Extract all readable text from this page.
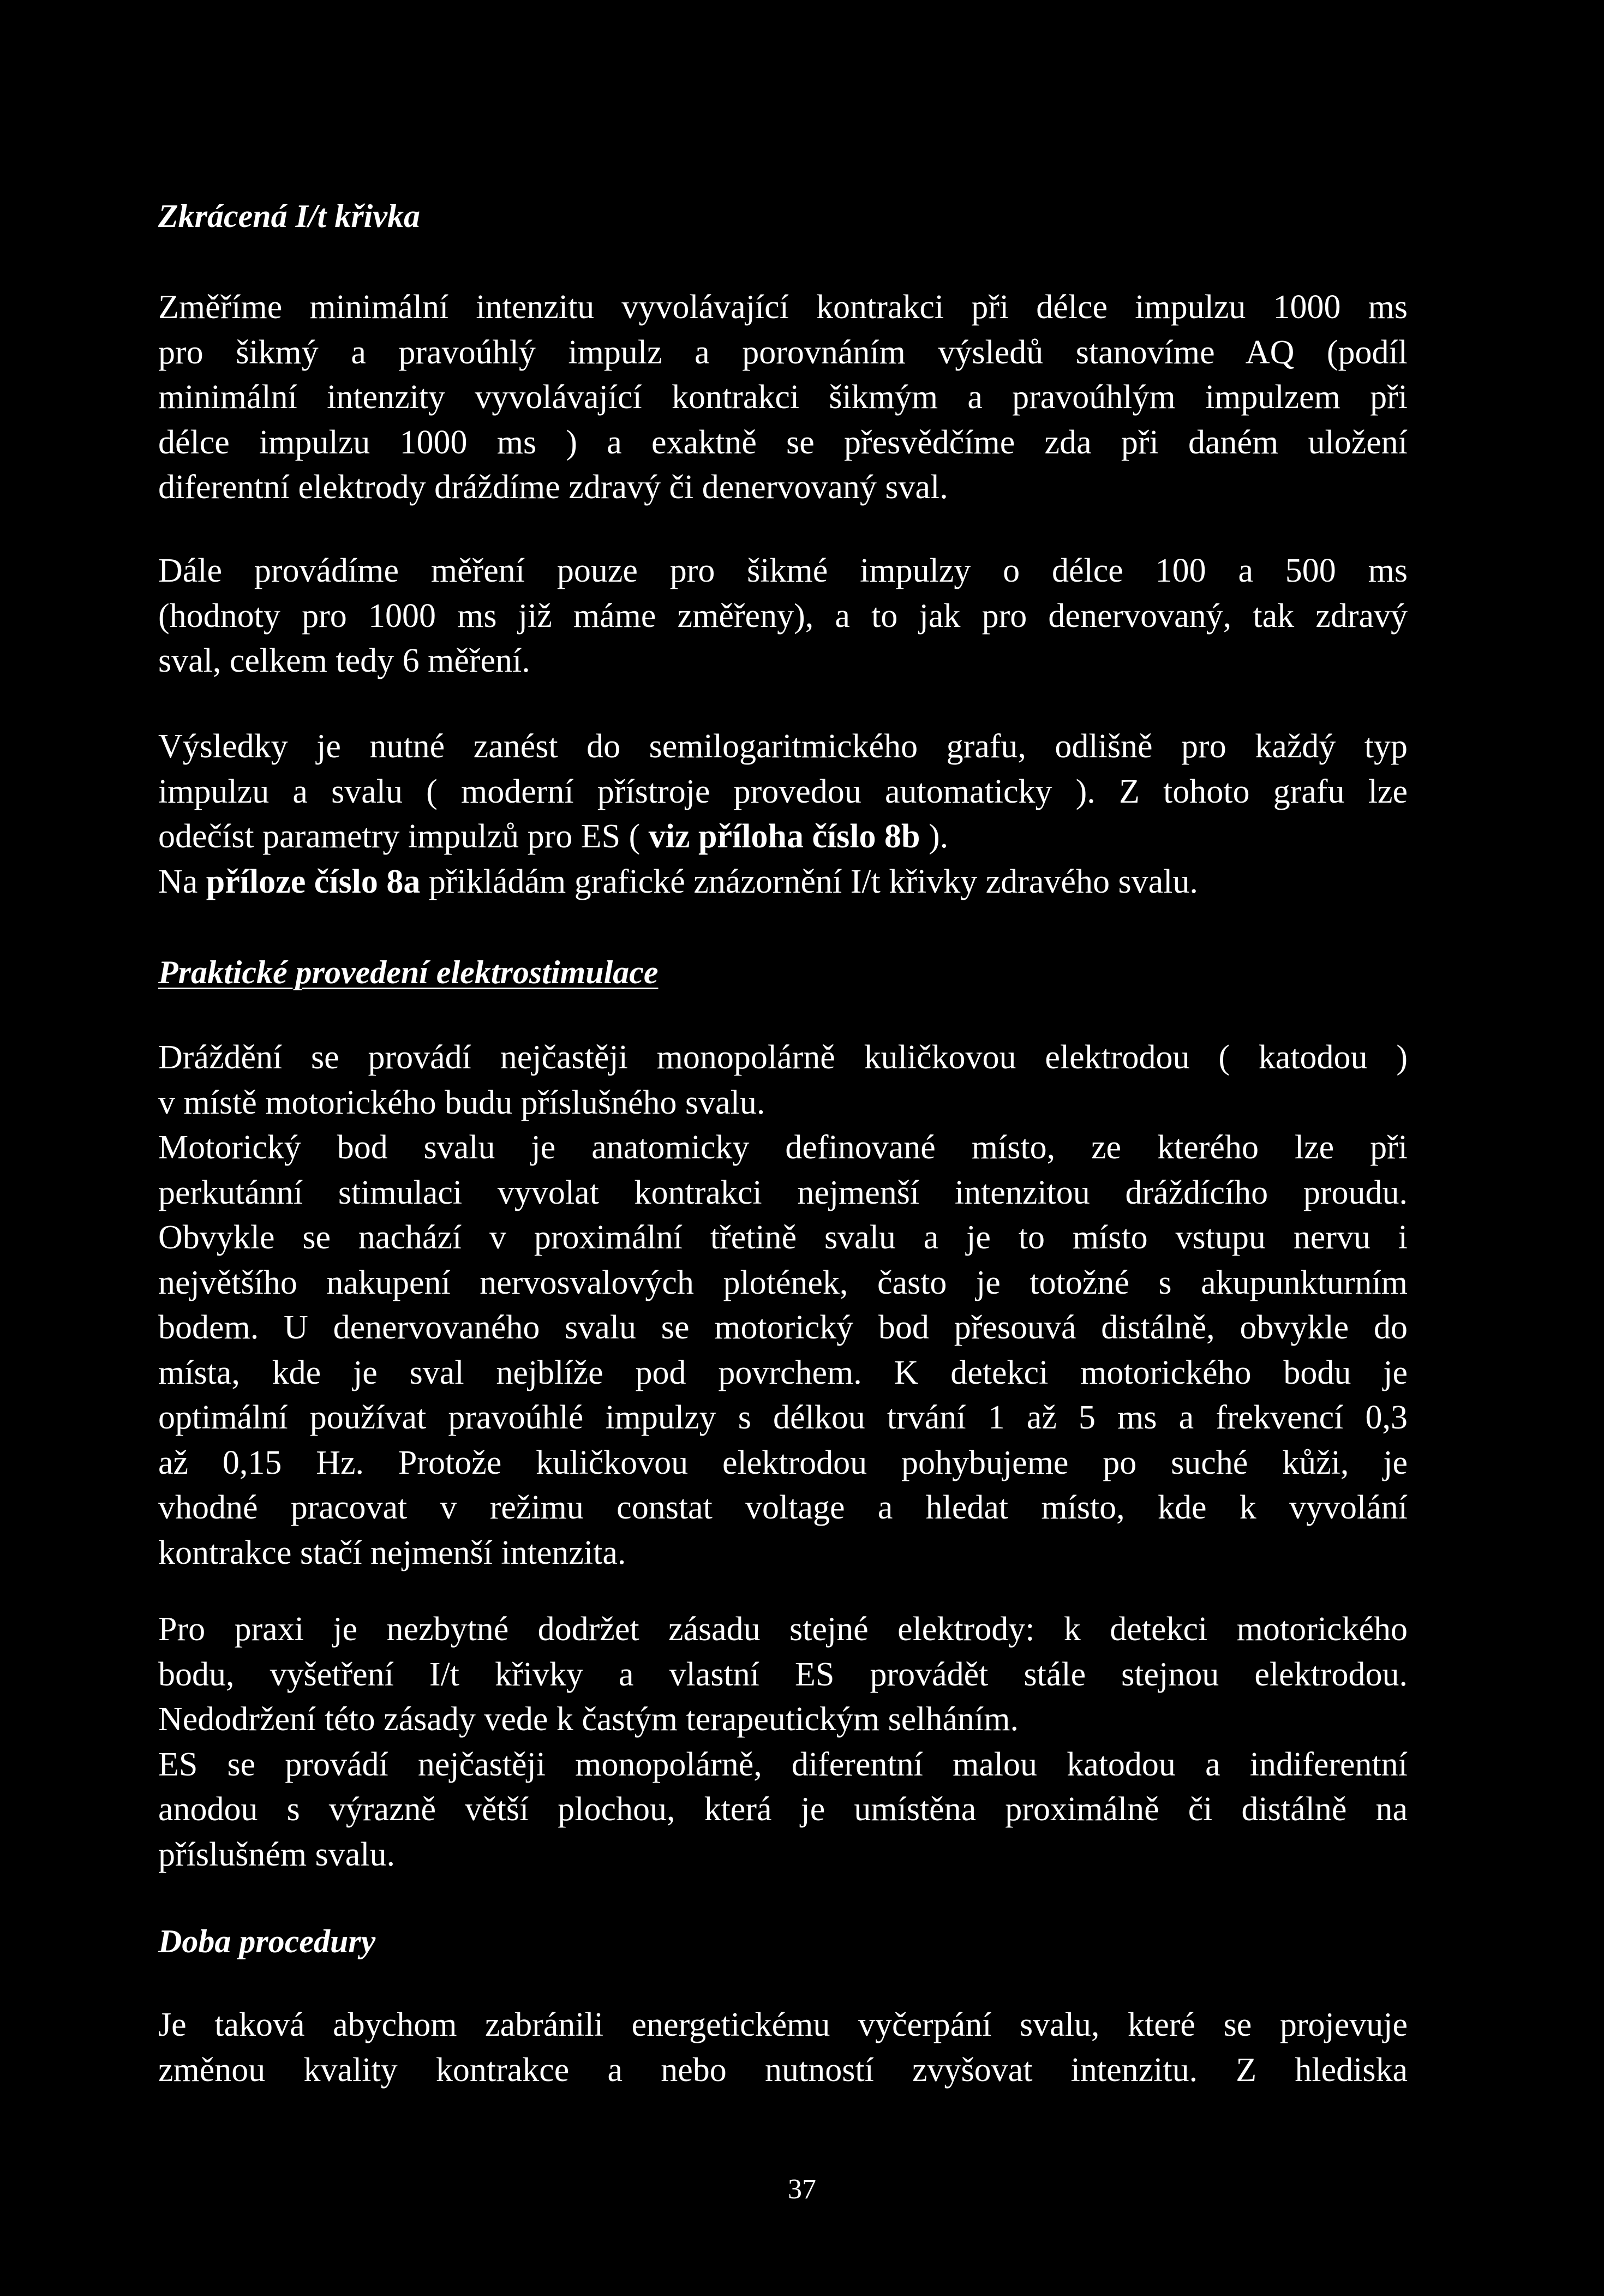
Zkrácená I/t křivka

Změříme minimální intenzitu vyvolávající kontrakci při délce impulzu 1000 ms
pro šikmý a pravoúhlý impulz a porovnáním výsledů stanovíme AQ (podíl
minimální intenzity vyvolávající kontrakci šikmým a pravoúhlým impulzem při
délce impulzu 1000 ms ) a exaktně se přesvědčíme zda při daném uložení
diferentní elektrody dráždíme zdravý či denervovaný sval.

Dále provádíme měření pouze pro šikmé impulzy o délce 100 a 500 ms
(hodnoty pro 1000 ms již máme změřeny), a to jak pro denervovaný, tak zdravý
sval, celkem tedy 6 měření.

Výsledky je nutné zanést do semilogaritmického grafu, odlišně pro každý typ
impulzu a svalu ( moderní přístroje provedou automaticky ). Z tohoto grafu lze
odečíst parametry impulzů pro ES ( viz příloha číslo 8b ).
Na příloze číslo 8a přikládám grafické znázornění I/t křivky zdravého svalu.

Praktické provedení elektrostimulace

Dráždění se provádí nejčastěji monopolárně kuličkovou elektrodou ( katodou )
v místě motorického budu příslušného svalu.
Motorický bod svalu je anatomicky definované místo, ze kterého lze při
perkutánní stimulaci vyvolat kontrakci nejmenší intenzitou dráždícího proudu.
Obvykle se nachází v proximální třetině svalu a je to místo vstupu nervu i
největšího nakupení nervosvalových plotének, často je totožné s akupunkturním
bodem. U denervovaného svalu se motorický bod přesouvá distálně, obvykle do
místa, kde je sval nejblíže pod povrchem. K detekci motorického bodu je
optimální používat pravoúhlé impulzy s délkou trvání 1 až 5 ms a frekvencí 0,3
až 0,15 Hz. Protože kuličkovou elektrodou pohybujeme po suché kůži, je
vhodné pracovat v režimu constat voltage a hledat místo, kde k vyvolání
kontrakce stačí nejmenší intenzita.

Pro praxi je nezbytné dodržet zásadu stejné elektrody: k detekci motorického
bodu, vyšetření I/t křivky a vlastní ES provádět stále stejnou elektrodou.
Nedodržení této zásady vede k častým terapeutickým selháním.
ES se provádí nejčastěji monopolárně, diferentní malou katodou a indiferentní
anodou s výrazně větší plochou, která je umístěna proximálně či distálně na
příslušném svalu.

Doba procedury

Je taková abychom zabránili energetickému vyčerpání svalu, které se projevuje
změnou kvality kontrakce a nebo nutností zvyšovat intenzitu. Z hlediska

37
